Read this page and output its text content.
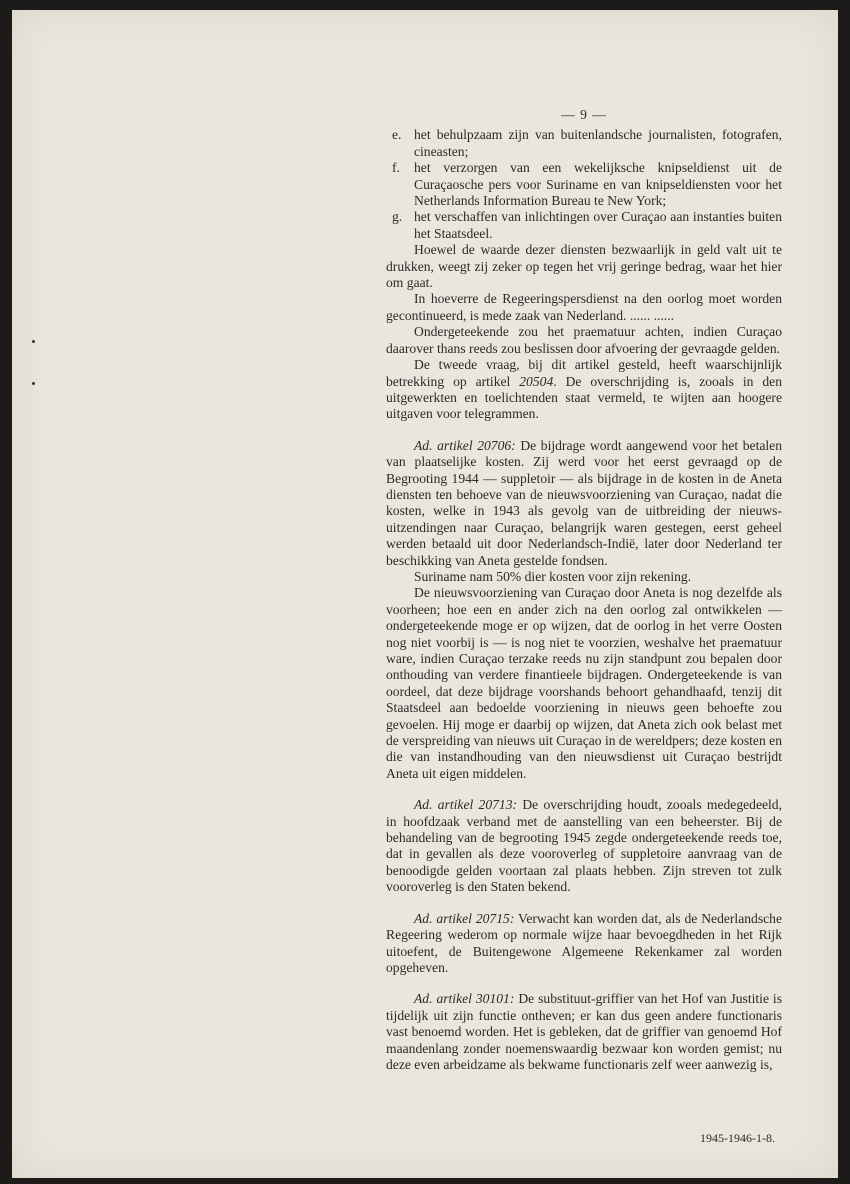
— 9 —
e. het behulpzaam zijn van buitenlandsche journalisten, fotografen, cineasten;
f.	het verzorgen van een wekelijksche knipseldienst uit de Curaçaosche pers voor Suriname en van knipseldiensten voor het Netherlands Information Bureau te New York;
g. het verschaffen van inlichtingen over Curaçao aan instanties buiten het Staatsdeel.

Hoewel de waarde dezer diensten bezwaarlijk in geld valt uit te drukken, weegt zij zeker op tegen het vrij geringe bedrag, waar het hier om gaat.

In hoeverre de Regeeringspersdienst na den oorlog moet worden gecontinueerd, is mede zaak van Nederland. ...... ......

Ondergeteekende zou het praematuur achten, indien Curaçao daarover thans reeds zou beslissen door afvoering der gevraagde gelden.

De tweede vraag, bij dit artikel gesteld, heeft waarschijnlijk betrekking op artikel 20504. De overschrijding is, zooals in den uitgewerkten en toelichtenden staat vermeld, te wijten aan hoogere uitgaven voor telegrammen.

Ad. artikel 20706: De bijdrage wordt aangewend voor het betalen van plaatselijke kosten. Zij werd voor het eerst gevraagd op de Begrooting 1944 — suppletoir — als bijdrage in de kosten in de Aneta diensten ten behoeve van de nieuwsvoorziening van Curaçao, nadat die kosten, welke in 1943 als gevolg van de uitbreiding der nieuws-uitzendingen naar Curaçao, belangrijk waren gestegen, eerst geheel werden betaald uit door Nederlandsch-Indië, later door Nederland ter beschikking van Aneta gestelde fondsen.

Suriname nam 50% dier kosten voor zijn rekening.

De nieuwsvoorziening van Curaçao door Aneta is nog dezelfde als voorheen; hoe een en ander zich na den oorlog zal ontwikkelen — ondergeteekende moge er op wijzen, dat de oorlog in het verre Oosten nog niet voorbij is — is nog niet te voorzien, weshalve het praematuur ware, indien Curaçao terzake reeds nu zijn standpunt zou bepalen door onthouding van verdere finantieele bijdragen. Ondergeteekende is van oordeel, dat deze bijdrage voorshands behoort gehandhaafd, tenzij dit Staatsdeel aan bedoelde voorziening in nieuws geen behoefte zou gevoelen. Hij moge er daarbij op wijzen, dat Aneta zich ook belast met de verspreiding van nieuws uit Curaçao in de wereldpers; deze kosten en die van instandhouding van den nieuwsdienst uit Curaçao bestrijdt Aneta uit eigen middelen.

Ad. artikel 20713: De overschrijding houdt, zooals medegedeeld, in hoofdzaak verband met de aanstelling van een beheerster. Bij de behandeling van de begrooting 1945 zegde ondergeteekende reeds toe, dat in gevallen als deze vooroverleg of suppletoire aanvraag van de benoodigde gelden voortaan zal plaats hebben. Zijn streven tot zulk vooroverleg is den Staten bekend.

Ad. artikel 20715: Verwacht kan worden dat, als de Nederlandsche Regeering wederom op normale wijze haar bevoegdheden in het Rijk uitoefent, de Buitengewone Algemeene Rekenkamer zal worden opgeheven.

Ad. artikel 30101: De substituut-griffier van het Hof van Justitie is tijdelijk uit zijn functie ontheven; er kan dus geen andere functionaris vast benoemd worden. Het is gebleken, dat de griffier van genoemd Hof maandenlang zonder noemenswaardig bezwaar kon worden gemist; nu deze even arbeidzame als bekwame functionaris zelf weer aanwezig is,

1945-1946-1-8.
